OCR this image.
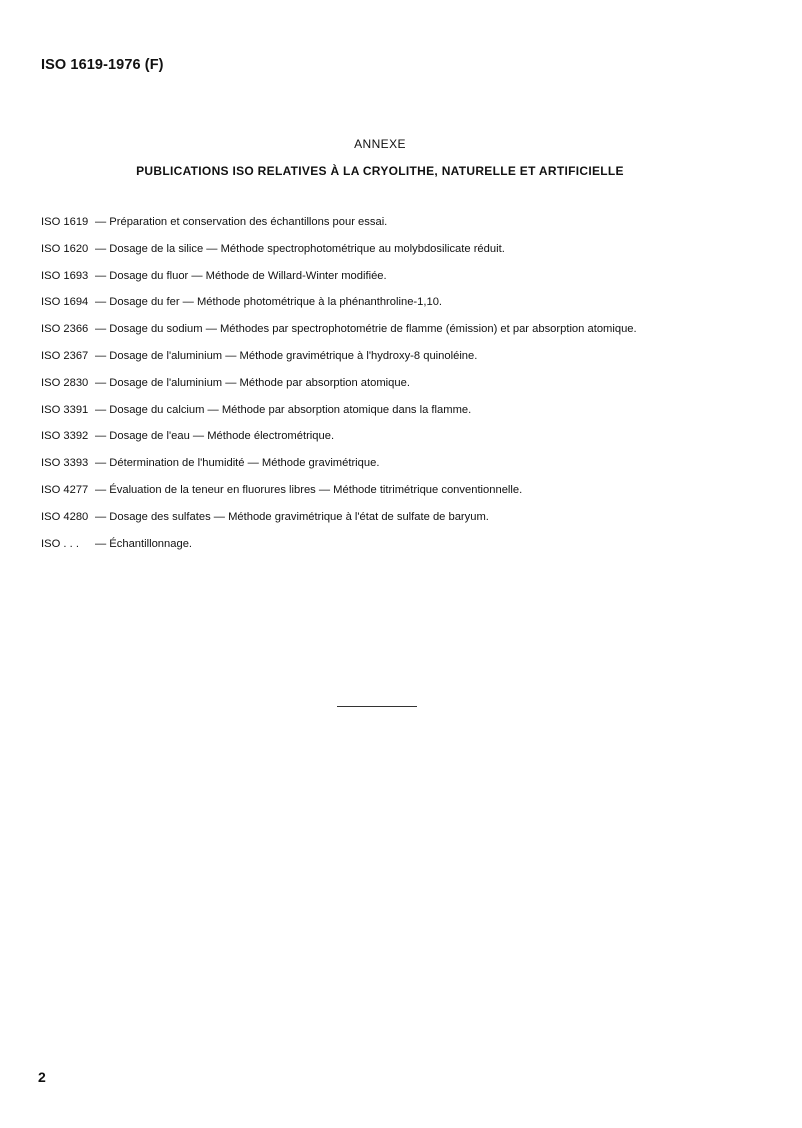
ISO 1619-1976 (F)
ANNEXE
PUBLICATIONS ISO RELATIVES À LA CRYOLITHE, NATURELLE ET ARTIFICIELLE
ISO 1619 — Préparation et conservation des échantillons pour essai.
ISO 1620 — Dosage de la silice — Méthode spectrophotométrique au molybdosilicate réduit.
ISO 1693 — Dosage du fluor — Méthode de Willard-Winter modifiée.
ISO 1694 — Dosage du fer — Méthode photométrique à la phénanthroline-1,10.
ISO 2366 — Dosage du sodium — Méthodes par spectrophotométrie de flamme (émission) et par absorption atomique.
ISO 2367 — Dosage de l'aluminium — Méthode gravimétrique à l'hydroxy-8 quinoléine.
ISO 2830 — Dosage de l'aluminium — Méthode par absorption atomique.
ISO 3391 — Dosage du calcium — Méthode par absorption atomique dans la flamme.
ISO 3392 — Dosage de l'eau — Méthode électrométrique.
ISO 3393 — Détermination de l'humidité — Méthode gravimétrique.
ISO 4277 — Évaluation de la teneur en fluorures libres — Méthode titrimétrique conventionnelle.
ISO 4280 — Dosage des sulfates — Méthode gravimétrique à l'état de sulfate de baryum.
ISO . . . — Échantillonnage.
2
